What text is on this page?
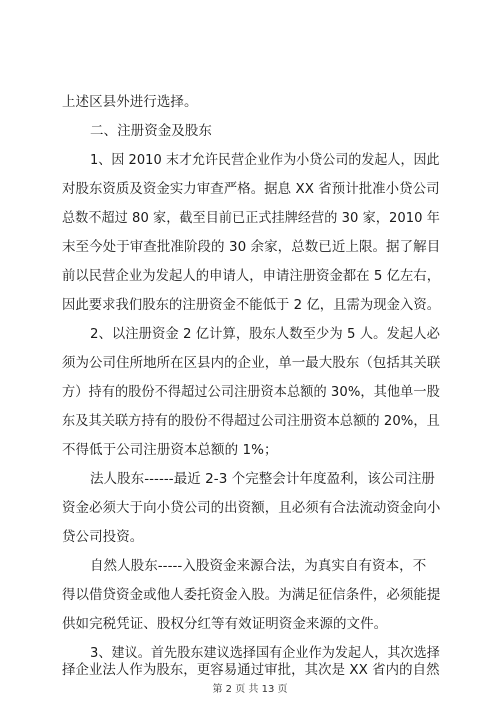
上述区县外进行选择。
二、注册资金及股东
1、因 2010 末才允许民营企业作为小贷公司的发起人，因此
对股东资质及资金实力审查严格。据息 XX 省预计批准小贷公司
总数不超过 80 家，截至目前已正式挂牌经营的 30 家，2010 年
末至今处于审查批准阶段的 30 余家，总数已近上限。据了解目
前以民营企业为发起人的申请人，申请注册资金都在 5 亿左右，
因此要求我们股东的注册资金不能低于 2 亿，且需为现金入资。
2、以注册资金 2 亿计算，股东人数至少为 5 人。发起人必
须为公司住所地所在区县内的企业，单一最大股东（包括其关联
方）持有的股份不得超过公司注册资本总额的 30%，其他单一股
东及其关联方持有的股份不得超过公司注册资本总额的 20%，且
不得低于公司注册资本总额的 1%；
法人股东------最近 2-3 个完整会计年度盈利，该公司注册
资金必须大于向小贷公司的出资额，且必须有合法流动资金向小
贷公司投资。
自然人股东-----入股资金来源合法，为真实自有资本，不
得以借贷资金或他人委托资金入股。为满足征信条件，必须能提
供如完税凭证、股权分红等有效证明资金来源的文件。
3、建议。首先股东建议选择国有企业作为发起人，其次选择
择企业法人作为股东，更容易通过审批，其次是 XX 省内的自然
第 2 页 共 13 页
